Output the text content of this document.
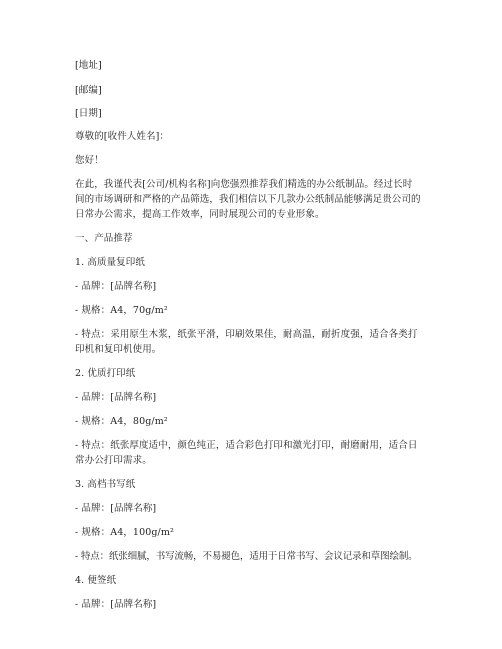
[地址]
[邮编]
[日期]
尊敬的[收件人姓名]：
您好！
在此，我谨代表[公司/机构名称]向您强烈推荐我们精选的办公纸制品。经过长时
间的市场调研和严格的产品筛选，我们相信以下几款办公纸制品能够满足贵公司的
日常办公需求，提高工作效率，同时展现公司的专业形象。
一、产品推荐
1. 高质量复印纸
- 品牌：[品牌名称]
- 规格：A4，70g/m²
- 特点：采用原生木浆，纸张平滑，印刷效果佳，耐高温，耐折度强，适合各类打
印机和复印机使用。
2. 优质打印纸
- 品牌：[品牌名称]
- 规格：A4，80g/m²
- 特点：纸张厚度适中，颜色纯正，适合彩色打印和激光打印，耐磨耐用，适合日
常办公打印需求。
3. 高档书写纸
- 品牌：[品牌名称]
- 规格：A4，100g/m²
- 特点：纸张细腻，书写流畅，不易褪色，适用于日常书写、会议记录和草图绘制。
4. 便签纸
- 品牌：[品牌名称]
